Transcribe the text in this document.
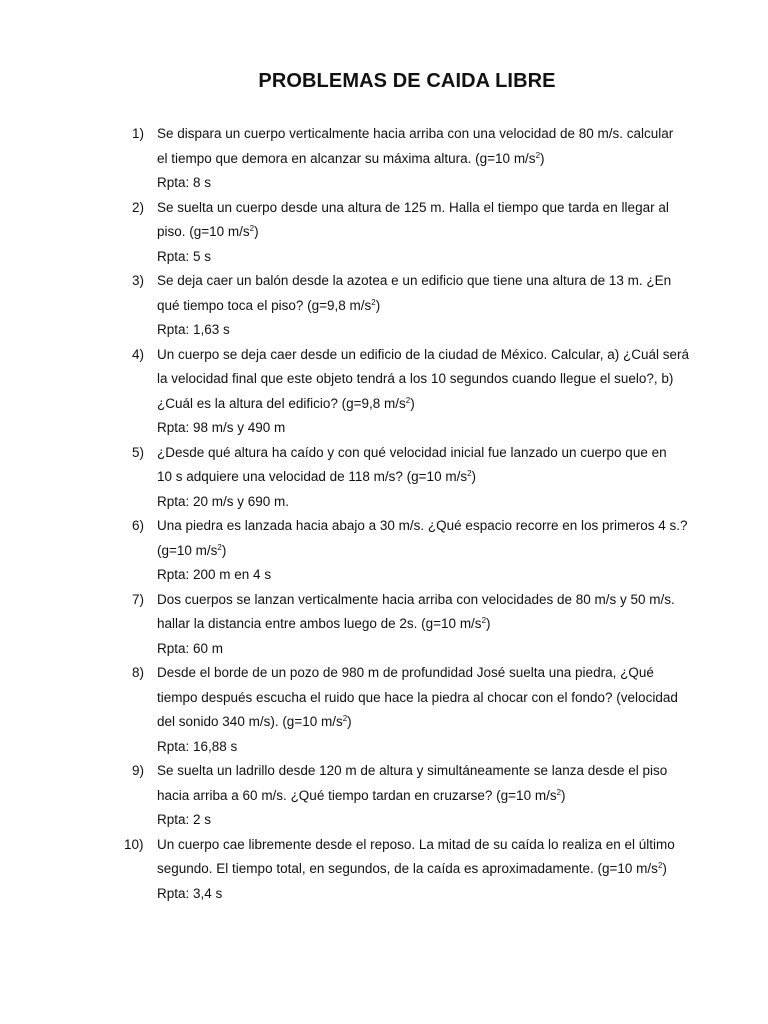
PROBLEMAS DE CAIDA LIBRE
1) Se dispara un cuerpo verticalmente hacia arriba con una velocidad de 80 m/s. calcular
el tiempo que demora en alcanzar su máxima altura. (g=10 $m/s^2$)
Rpta: 8 s
2) Se suelta un cuerpo desde una altura de 125 m. Halla el tiempo que tarda en llegar al
piso. (g=10 $m/s^2$)
Rpta: 5 s
3) Se deja caer un balón desde la azotea e un edificio que tiene una altura de 13 m. ¿En
qué tiempo toca el piso? (g=9,8 $m/s^2$)
Rpta: 1,63 s
4) Un cuerpo se deja caer desde un edificio de la ciudad de México. Calcular, a) ¿Cuál será
la velocidad final que este objeto tendrá a los 10 segundos cuando llegue el suelo?, b)
¿Cuál es la altura del edificio? (g=9,8 $m/s^2$)
Rpta: 98 m/s y 490 m
5) ¿Desde qué altura ha caído y con qué velocidad inicial fue lanzado un cuerpo que en
10 s adquiere una velocidad de 118 m/s? (g=10 $m/s^2$)
Rpta: 20 m/s y 690 m.
6) Una piedra es lanzada hacia abajo a 30 m/s. ¿Qué espacio recorre en los primeros 4 s.?
(g=10 $m/s^2$)
Rpta: 200 m en 4 s
7) Dos cuerpos se lanzan verticalmente hacia arriba con velocidades de 80 m/s y 50 m/s.
hallar la distancia entre ambos luego de 2s. (g=10 $m/s^2$)
Rpta: 60 m
8) Desde el borde de un pozo de 980 m de profundidad José suelta una piedra, ¿Qué
tiempo después escucha el ruido que hace la piedra al chocar con el fondo? (velocidad
del sonido 340 m/s). (g=10 $m/s^2$)
Rpta: 16,88 s
9) Se suelta un ladrillo desde 120 m de altura y simultáneamente se lanza desde el piso
hacia arriba a 60 m/s. ¿Qué tiempo tardan en cruzarse? (g=10 $m/s^2$)
Rpta: 2 s
10) Un cuerpo cae libremente desde el reposo. La mitad de su caída lo realiza en el último
segundo. El tiempo total, en segundos, de la caída es aproximadamente. (g=10 $m/s^2$)
Rpta: 3,4 s
